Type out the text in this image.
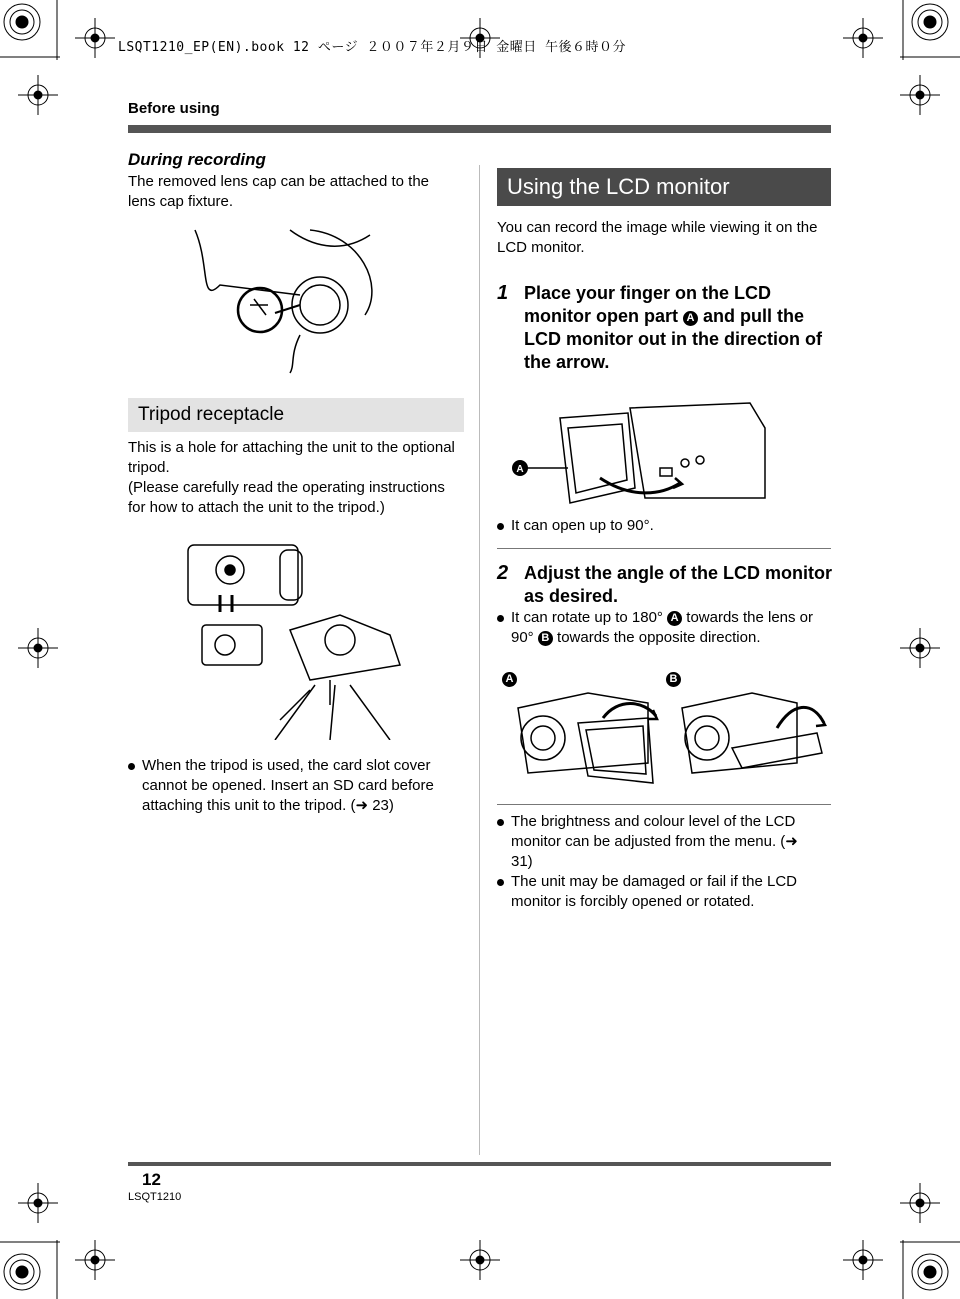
LSQT1210_EP(EN).book 12 ページ ２００７年２月９日 金曜日 午後６時０分
Before using
During recording
The removed lens cap can be attached to the lens cap fixture.
Tripod receptacle
This is a hole for attaching the unit to the optional tripod.
(Please carefully read the operating instructions for how to attach the unit to the tripod.)
When the tripod is used, the card slot cover cannot be opened. Insert an SD card before attaching this unit to the tripod. (➜ 23)
Using the LCD monitor
You can record the image while viewing it on the LCD monitor.
1 Place your finger on the LCD monitor open part A and pull the LCD monitor out in the direction of the arrow.
A
It can open up to 90°.
2 Adjust the angle of the LCD monitor as desired.
It can rotate up to 180° A towards the lens or 90° B towards the opposite direction.
A	B
The brightness and colour level of the LCD monitor can be adjusted from the menu. (➜ 31)
The unit may be damaged or fail if the LCD monitor is forcibly opened or rotated.
12
LSQT1210
